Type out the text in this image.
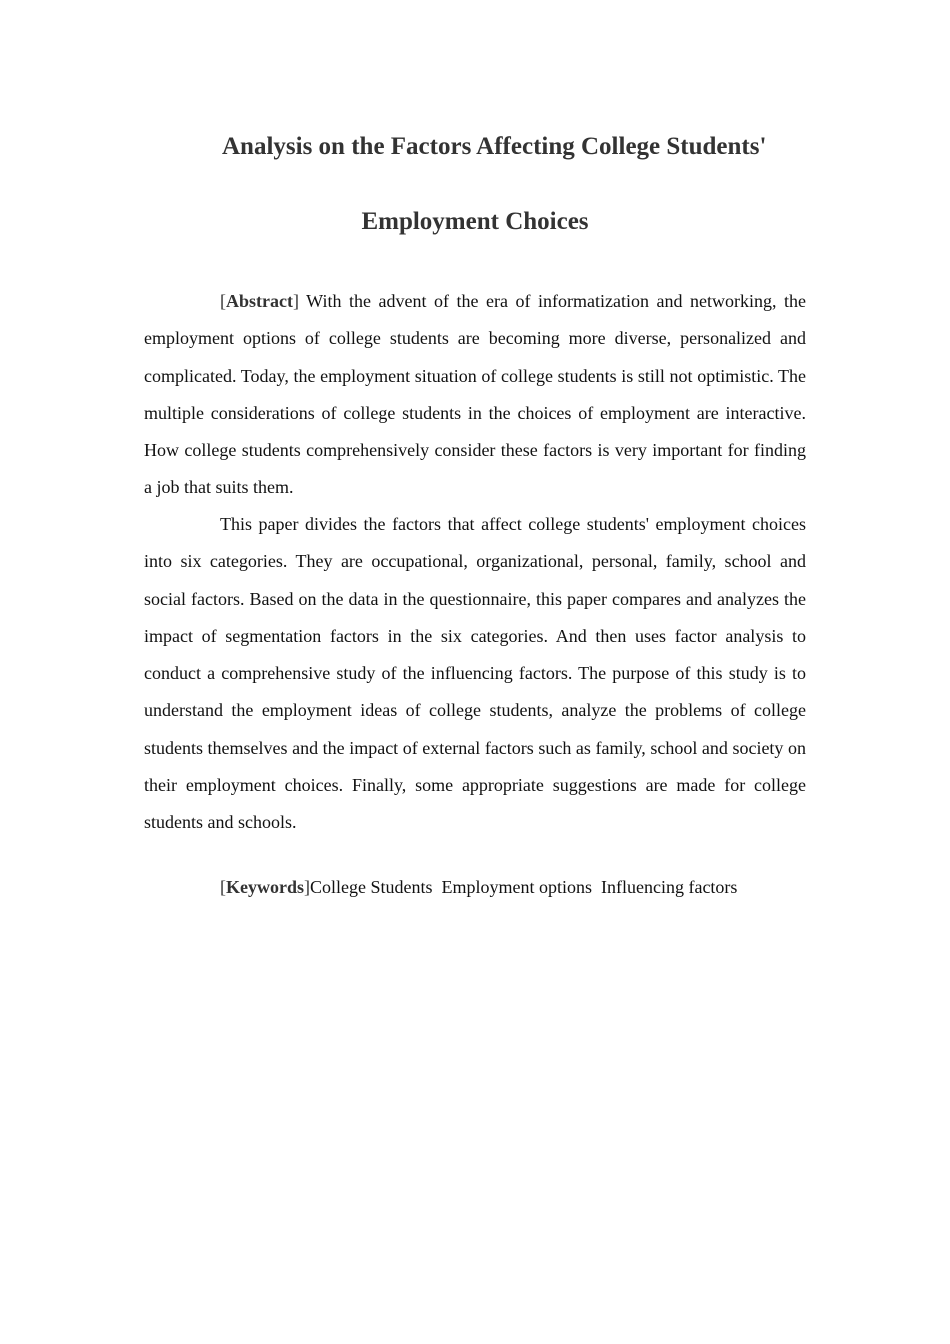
Analysis on the Factors Affecting College Students'
Employment Choices

[Abstract] With the advent of the era of informatization and networking, the employment options of college students are becoming more diverse, personalized and complicated. Today, the employment situation of college students is still not optimistic. The multiple considerations of college students in the choices of employment are interactive. How college students comprehensively consider these factors is very important for finding a job that suits them.

This paper divides the factors that affect college students' employment choices into six categories. They are occupational, organizational, personal, family, school and social factors. Based on the data in the questionnaire, this paper compares and analyzes the impact of segmentation factors in the six categories. And then uses factor analysis to conduct a comprehensive study of the influencing factors. The purpose of this study is to understand the employment ideas of college students, analyze the problems of college students themselves and the impact of external factors such as family, school and society on their employment choices. Finally, some appropriate suggestions are made for college students and schools.

[Keywords]College Students  Employment options  Influencing factors
